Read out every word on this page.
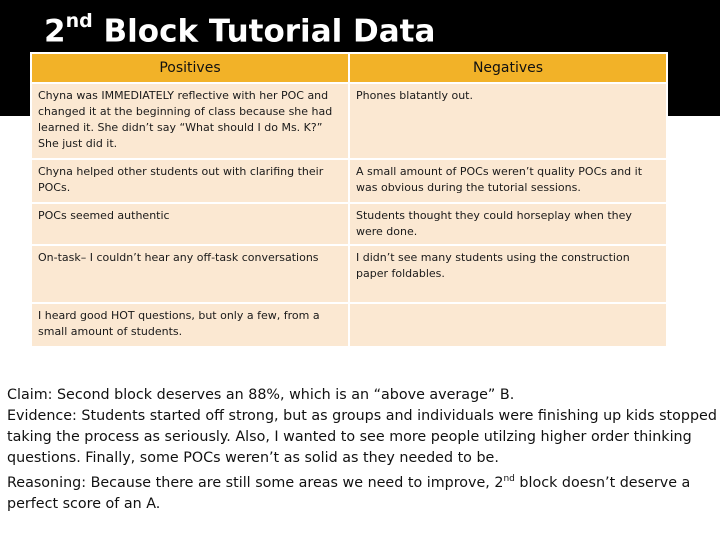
2nd Block Tutorial Data
Positives	Negatives
Chyna was IMMEDIATELY reflective with her POC and changed it at the beginning of class because she had learned it. She didn’t say “What should I do Ms. K?” She just did it.	Phones blatantly out.
Chyna helped other students out with clarifing their POCs.	A small amount of POCs weren’t quality POCs and it was obvious during the tutorial sessions.
POCs seemed authentic	Students thought they could horseplay when they were done.
On-task– I couldn’t hear any off-task conversations	I didn’t see many students using the construction paper foldables.
I heard good HOT questions, but only a few, from a small amount of students.	

Claim: Second block deserves an 88%, which is an “above average” B.

Evidence: Students started off strong, but as groups and individuals were finishing up kids stopped taking the process as seriously. Also, I wanted to see more people utilzing higher order thinking questions. Finally, some POCs weren’t as solid as they needed to be.

Reasoning: Because there are still some areas we need to improve, 2nd block doesn’t deserve a perfect score of an A.
